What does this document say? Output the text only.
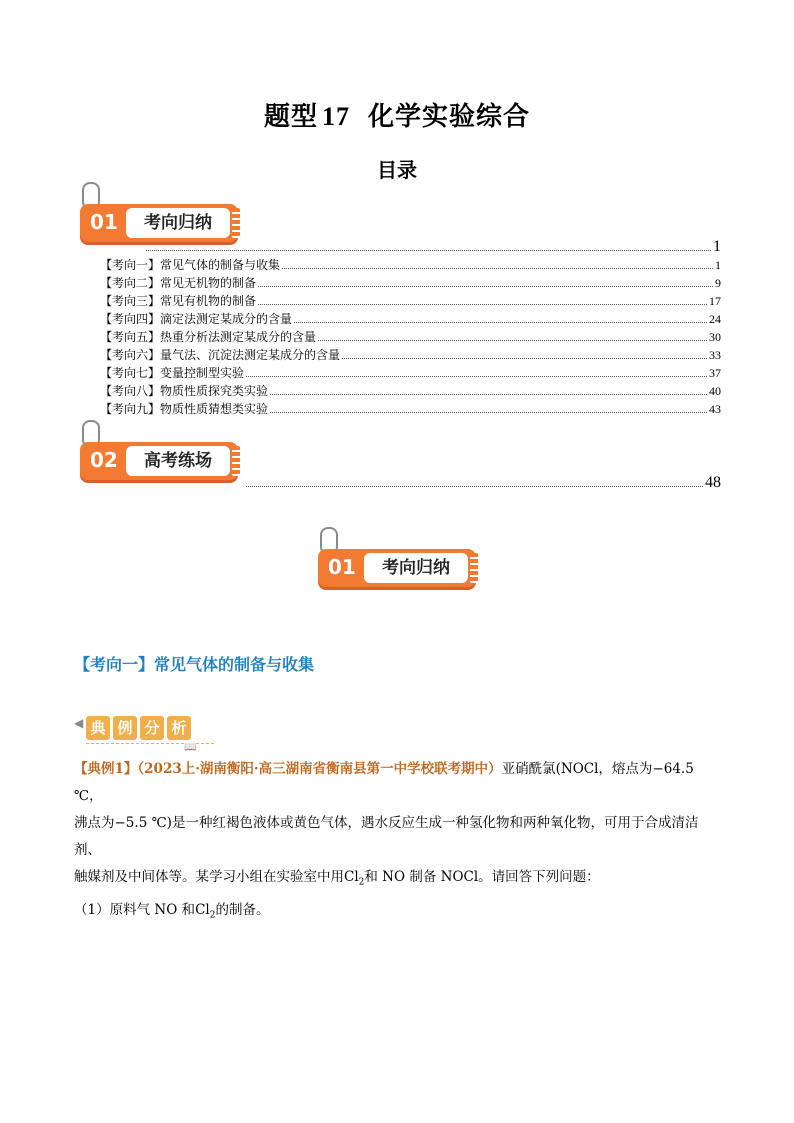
题型 17 化学实验综合
目录
01	考向归纳
1
【考向一】常见气体的制备与收集	1
【考向二】常见无机物的制备	9
【考向三】常见有机物的制备	17
【考向四】滴定法测定某成分的含量	24
【考向五】热重分析法测定某成分的含量	30
【考向六】量气法、沉淀法测定某成分的含量	33
【考向七】变量控制型实验	37
【考向八】物质性质探究类实验	40
【考向九】物质性质猜想类实验	43
02	高考练场
48
01	考向归纳
【考向一】常见气体的制备与收集
◀ 典 例 分 析
📖
【典例1】（2023上·湖南衡阳·高三湖南省衡南县第一中学校联考期中）亚硝酰氯(NOCl，熔点为−64.5 ℃，
沸点为−5.5 ℃)是一种红褐色液体或黄色气体，遇水反应生成一种氢化物和两种氧化物，可用于合成清洁剂、
触媒剂及中间体等。某学习小组在实验室中用$Cl_2$和 NO 制备 NOCl。请回答下列问题：
（1）原料气 NO 和$Cl_2$的制备。
